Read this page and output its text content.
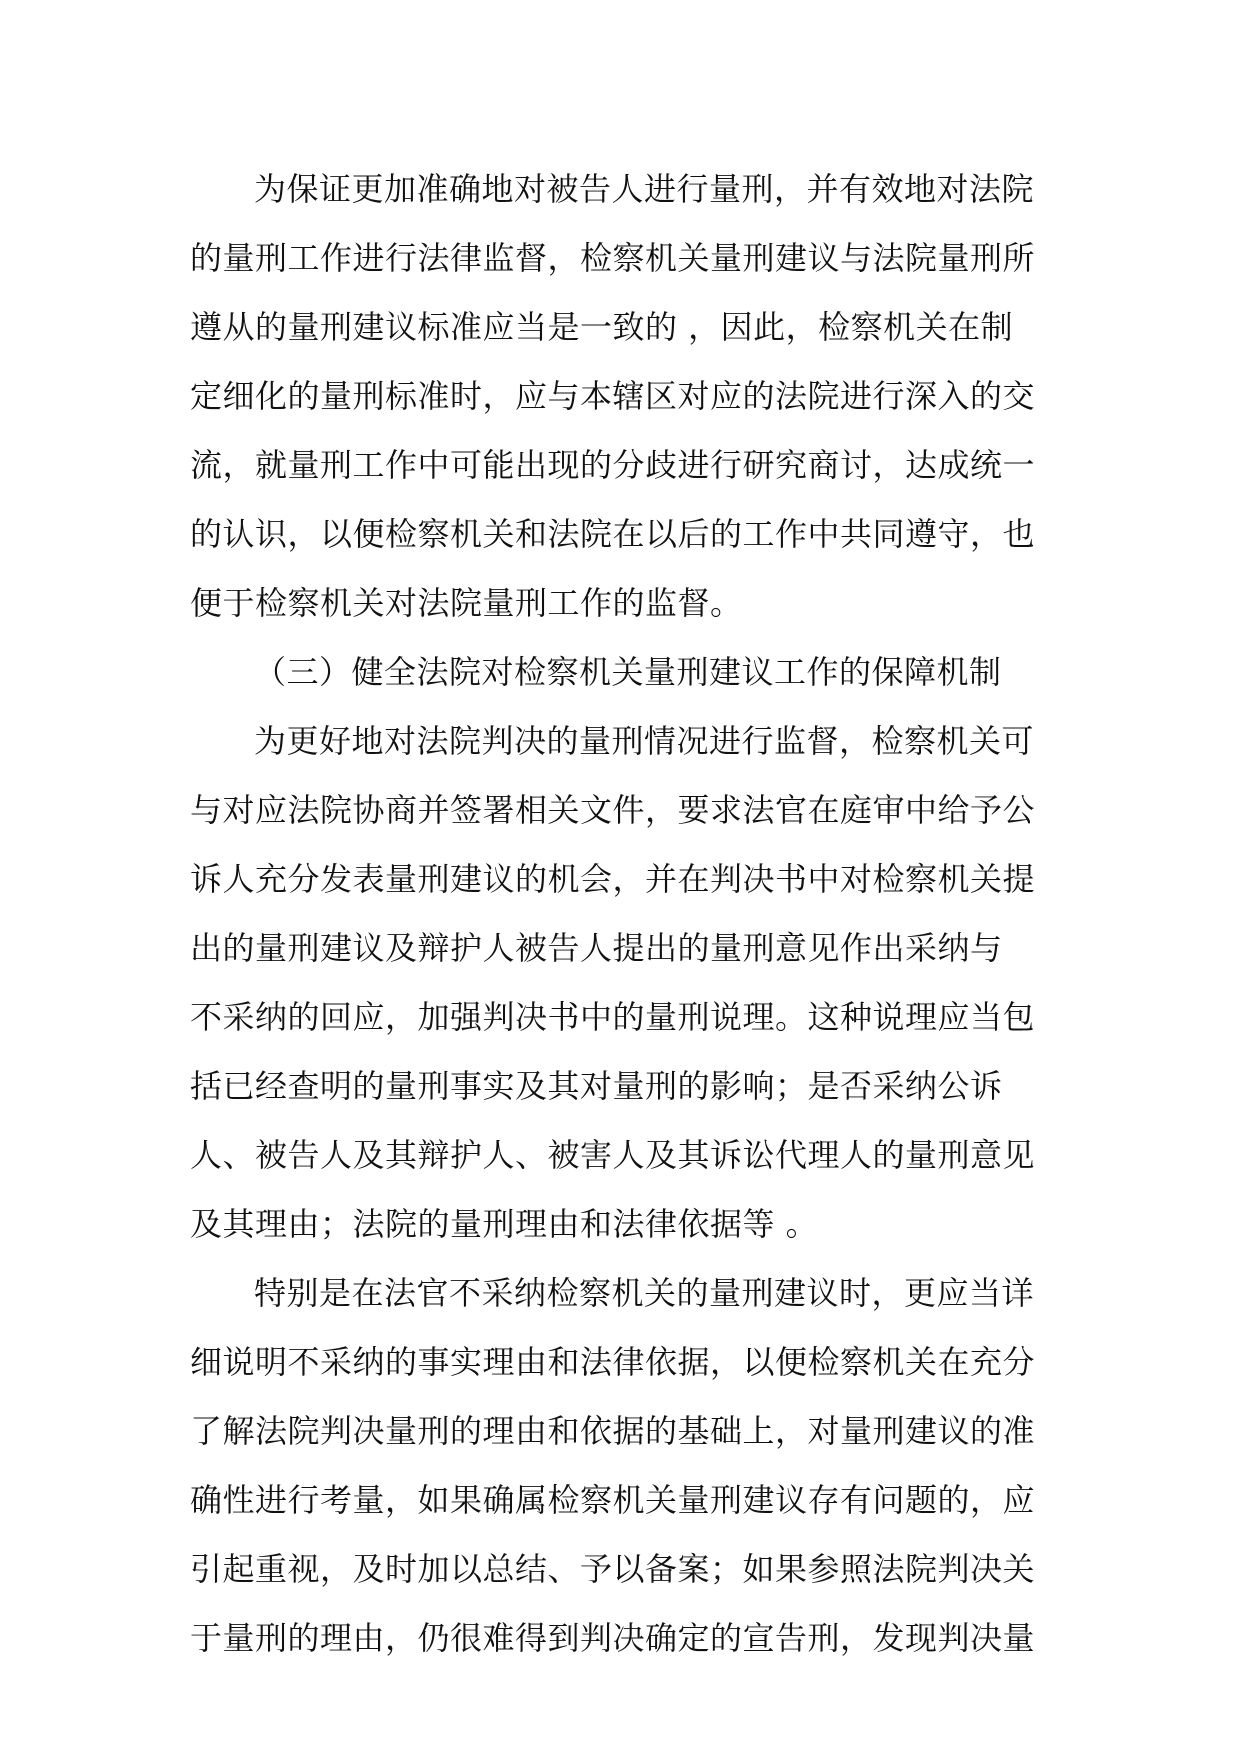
为保证更加准确地对被告人进行量刑，并有效地对法院
的量刑工作进行法律监督，检察机关量刑建议与法院量刑所
遵从的量刑建议标准应当是一致的 ，因此，检察机关在制
定细化的量刑标准时，应与本辖区对应的法院进行深入的交
流，就量刑工作中可能出现的分歧进行研究商讨，达成统一
的认识，以便检察机关和法院在以后的工作中共同遵守，也
便于检察机关对法院量刑工作的监督。
（三）健全法院对检察机关量刑建议工作的保障机制
为更好地对法院判决的量刑情况进行监督，检察机关可
与对应法院协商并签署相关文件，要求法官在庭审中给予公
诉人充分发表量刑建议的机会，并在判决书中对检察机关提
出的量刑建议及辩护人被告人提出的量刑意见作出采纳与
不采纳的回应，加强判决书中的量刑说理。这种说理应当包
括已经查明的量刑事实及其对量刑的影响；是否采纳公诉
人、被告人及其辩护人、被害人及其诉讼代理人的量刑意见
及其理由；法院的量刑理由和法律依据等 。
特别是在法官不采纳检察机关的量刑建议时，更应当详
细说明不采纳的事实理由和法律依据，以便检察机关在充分
了解法院判决量刑的理由和依据的基础上，对量刑建议的准
确性进行考量，如果确属检察机关量刑建议存有问题的，应
引起重视，及时加以总结、予以备案；如果参照法院判决关
于量刑的理由，仍很难得到判决确定的宣告刑，发现判决量
